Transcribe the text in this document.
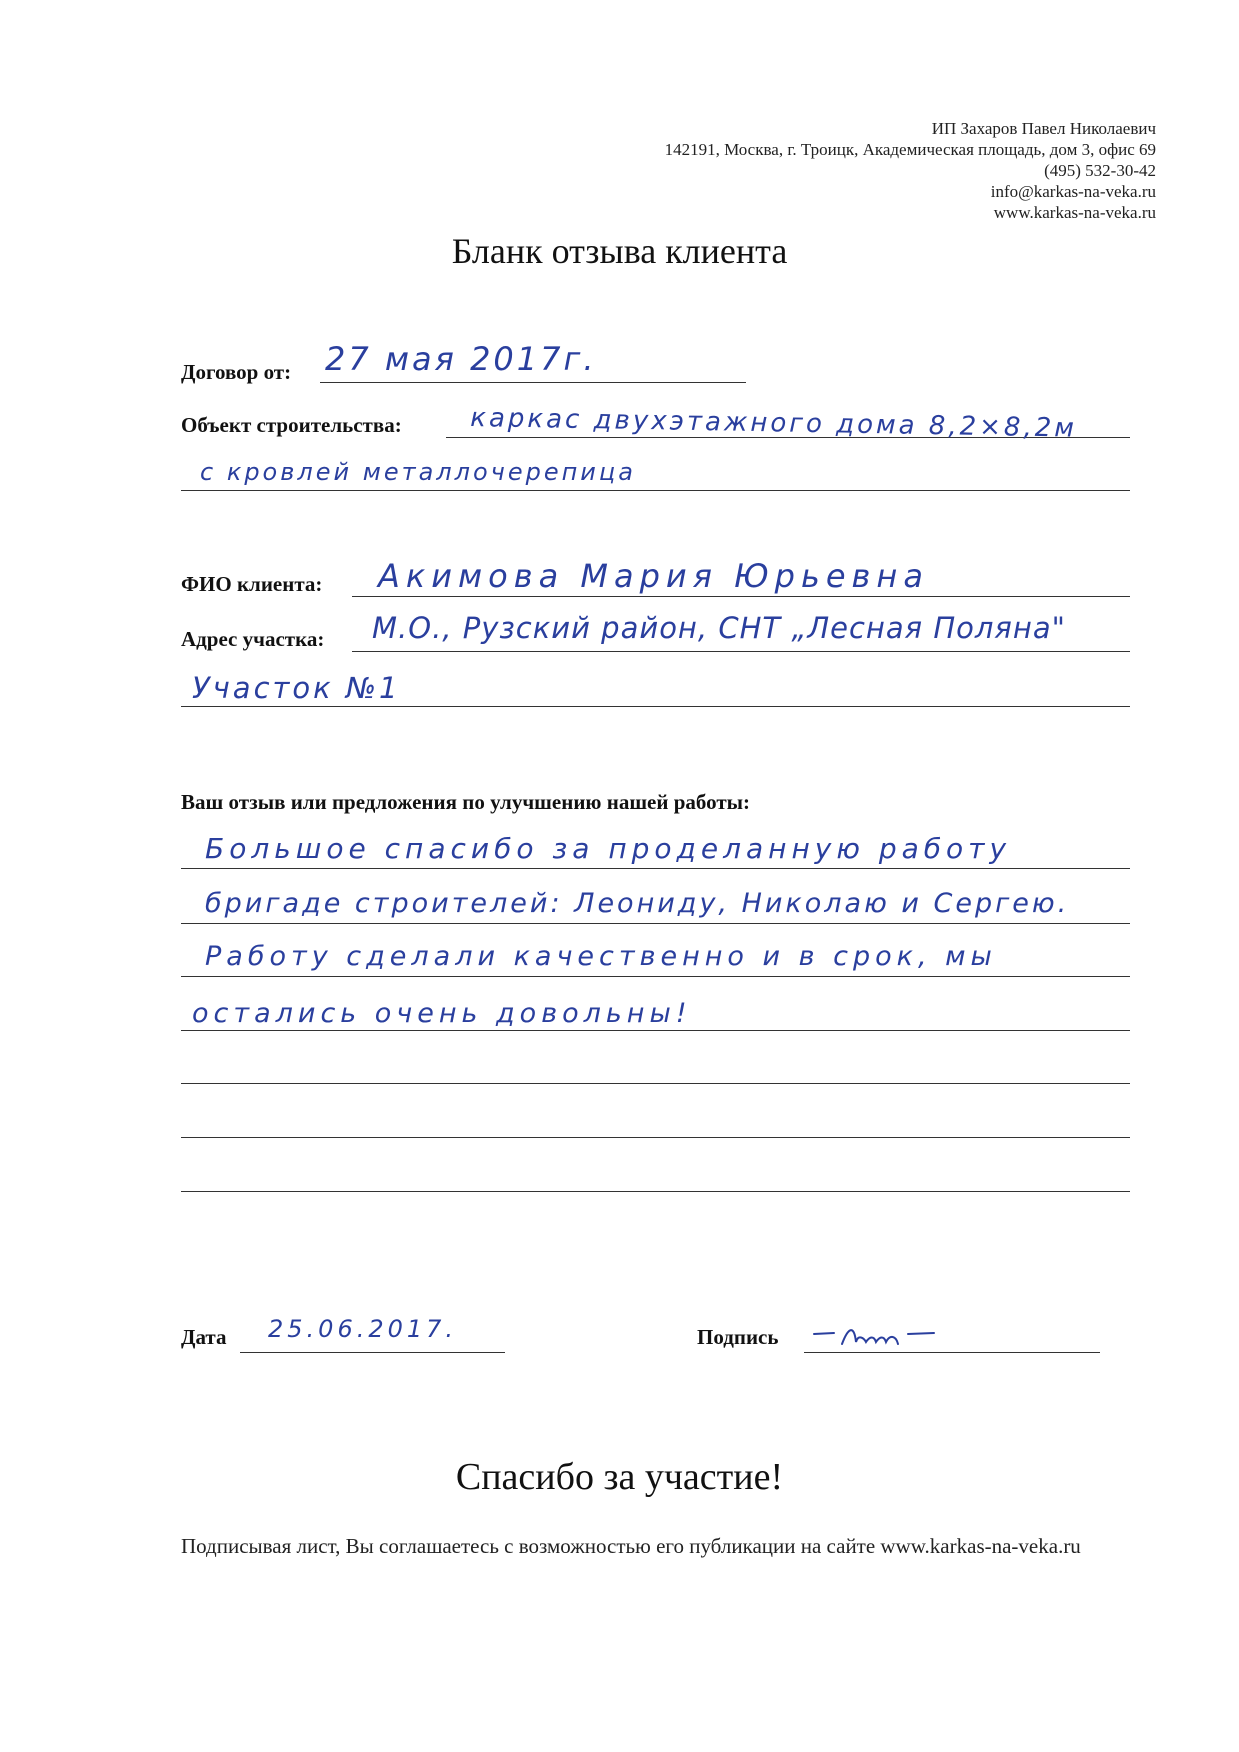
ИП Захаров Павел Николаевич
142191, Москва, г. Троицк, Академическая площадь, дом 3, офис 69
(495) 532-30-42
info@karkas-na-veka.ru
www.karkas-na-veka.ru
Бланк отзыва клиента
Договор от: 27 мая 2017г.
Объект строительства:	каркас двухэтажного дома 8,2×8,2м
с кровлей металлочерепица
ФИО клиента: Акимова Мария Юрьевна
Адрес участка: М.О., Рузский район, СНТ „Лесная Поляна"
Участок №1
Ваш отзыв или предложения по улучшению нашей работы:
Большое спасибо за проделанную работу
бригаде строителей: Леониду, Николаю и Сергею.
Работу сделали качественно и в срок, мы
остались очень довольны!
Дата 25.06.2017.	Подпись
Спасибо за участие!
Подписывая лист, Вы соглашаетесь с возможностью его публикации на сайте www.karkas-na-veka.ru
